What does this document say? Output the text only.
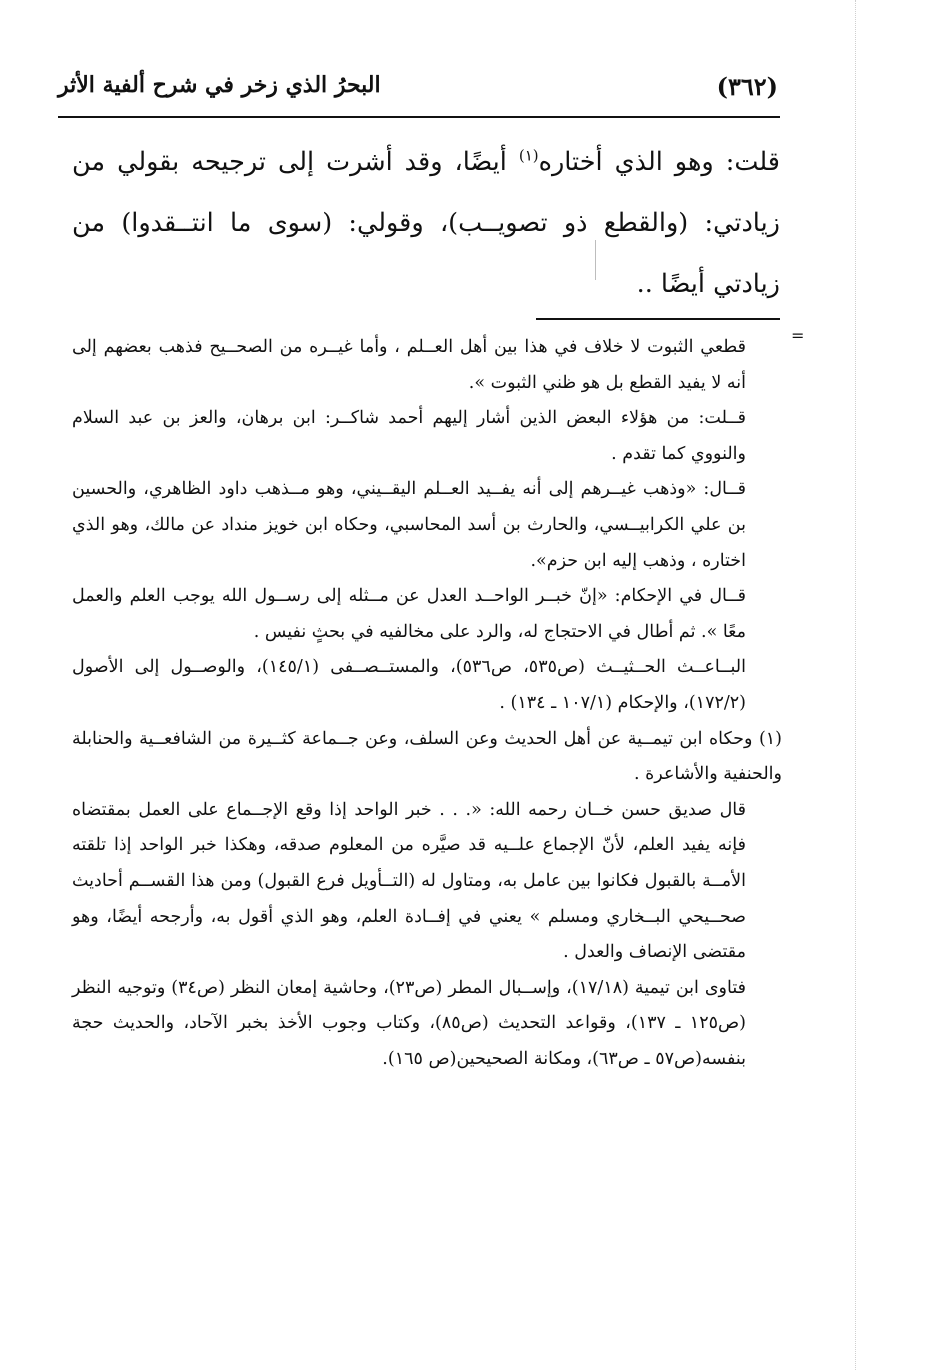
(٣٦٢)
البحرُ الذي زخر في شرح ألفية الأثر

قلت: وهو الذي أختاره$^{(١)}$ أيضًا، وقد أشرت إلى ترجيحه بقولي من زيادتي: (والقطع ذو تصويــب)، وقولي: (سوى ما انتــقدوا) من زيادتي أيضًا ..

=

قطعي الثبوت لا خلاف في هذا بين أهل العــلم ، وأما غيــره من الصحــيح فذهب بعضهم إلى أنه لا يفيد القطع بل هو ظني الثبوت ».

قــلت: من هؤلاء البعض الذين أشار إليهم أحمد شاكــر: ابن برهان، والعز بن عبد السلام والنووي كما تقدم .

قــال: «وذهب غيــرهم إلى أنه يفــيد العــلم اليقــيني، وهو مــذهب داود الظاهري، والحسين بن علي الكرابيــسي، والحارث بن أسد المحاسبي، وحكاه ابن خويز منداد عن مالك، وهو الذي اختاره ، وذهب إليه ابن حزم».

قــال في الإحكام: «إنّ خبــر الواحــد العدل عن مــثله إلى رســول الله يوجب العلم والعمل معًا ». ثم أطال في الاحتجاج له، والرد على مخالفيه في بحثٍ نفيس .

البــاعــث الحــثيــث (ص٥٣٥، ص٥٣٦)، والمستــصــفى (١٤٥/١)، والوصــول إلى الأصول (١٧٢/٢)، والإحكام (١٠٧/١ ـ ١٣٤) .

(١) وحكاه ابن تيمــية عن أهل الحديث وعن السلف، وعن جــماعة كثــيرة من الشافعــية والحنابلة والحنفية والأشاعرة .

قال صديق حسن خــان رحمه الله: «. . . خبر الواحد إذا وقع الإجــماع على العمل بمقتضاه فإنه يفيد العلم، لأنّ الإجماع علــيه قد صيَّره من المعلوم صدقه، وهكذا خبر الواحد إذا تلقته الأمــة بالقبول فكانوا بين عامل به، ومتاول له (التــأويل فرع القبول) ومن هذا القســم أحاديث صحــيحي البــخاري ومسلم » يعني في إفــادة العلم، وهو الذي أقول به، وأرجحه أيضًا، وهو مقتضى الإنصاف والعدل .

فتاوى ابن تيمية (١٧/١٨)، وإســبال المطر (ص٢٣)، وحاشية إمعان النظر (ص٣٤) وتوجيه النظر (ص١٢٥ ـ ١٣٧)، وقواعد التحديث (ص٨٥)، وكتاب وجوب الأخذ بخبر الآحاد، والحديث حجة بنفسه(ص٥٧ ـ ص٦٣)، ومكانة الصحيحين(ص ١٦٥).
